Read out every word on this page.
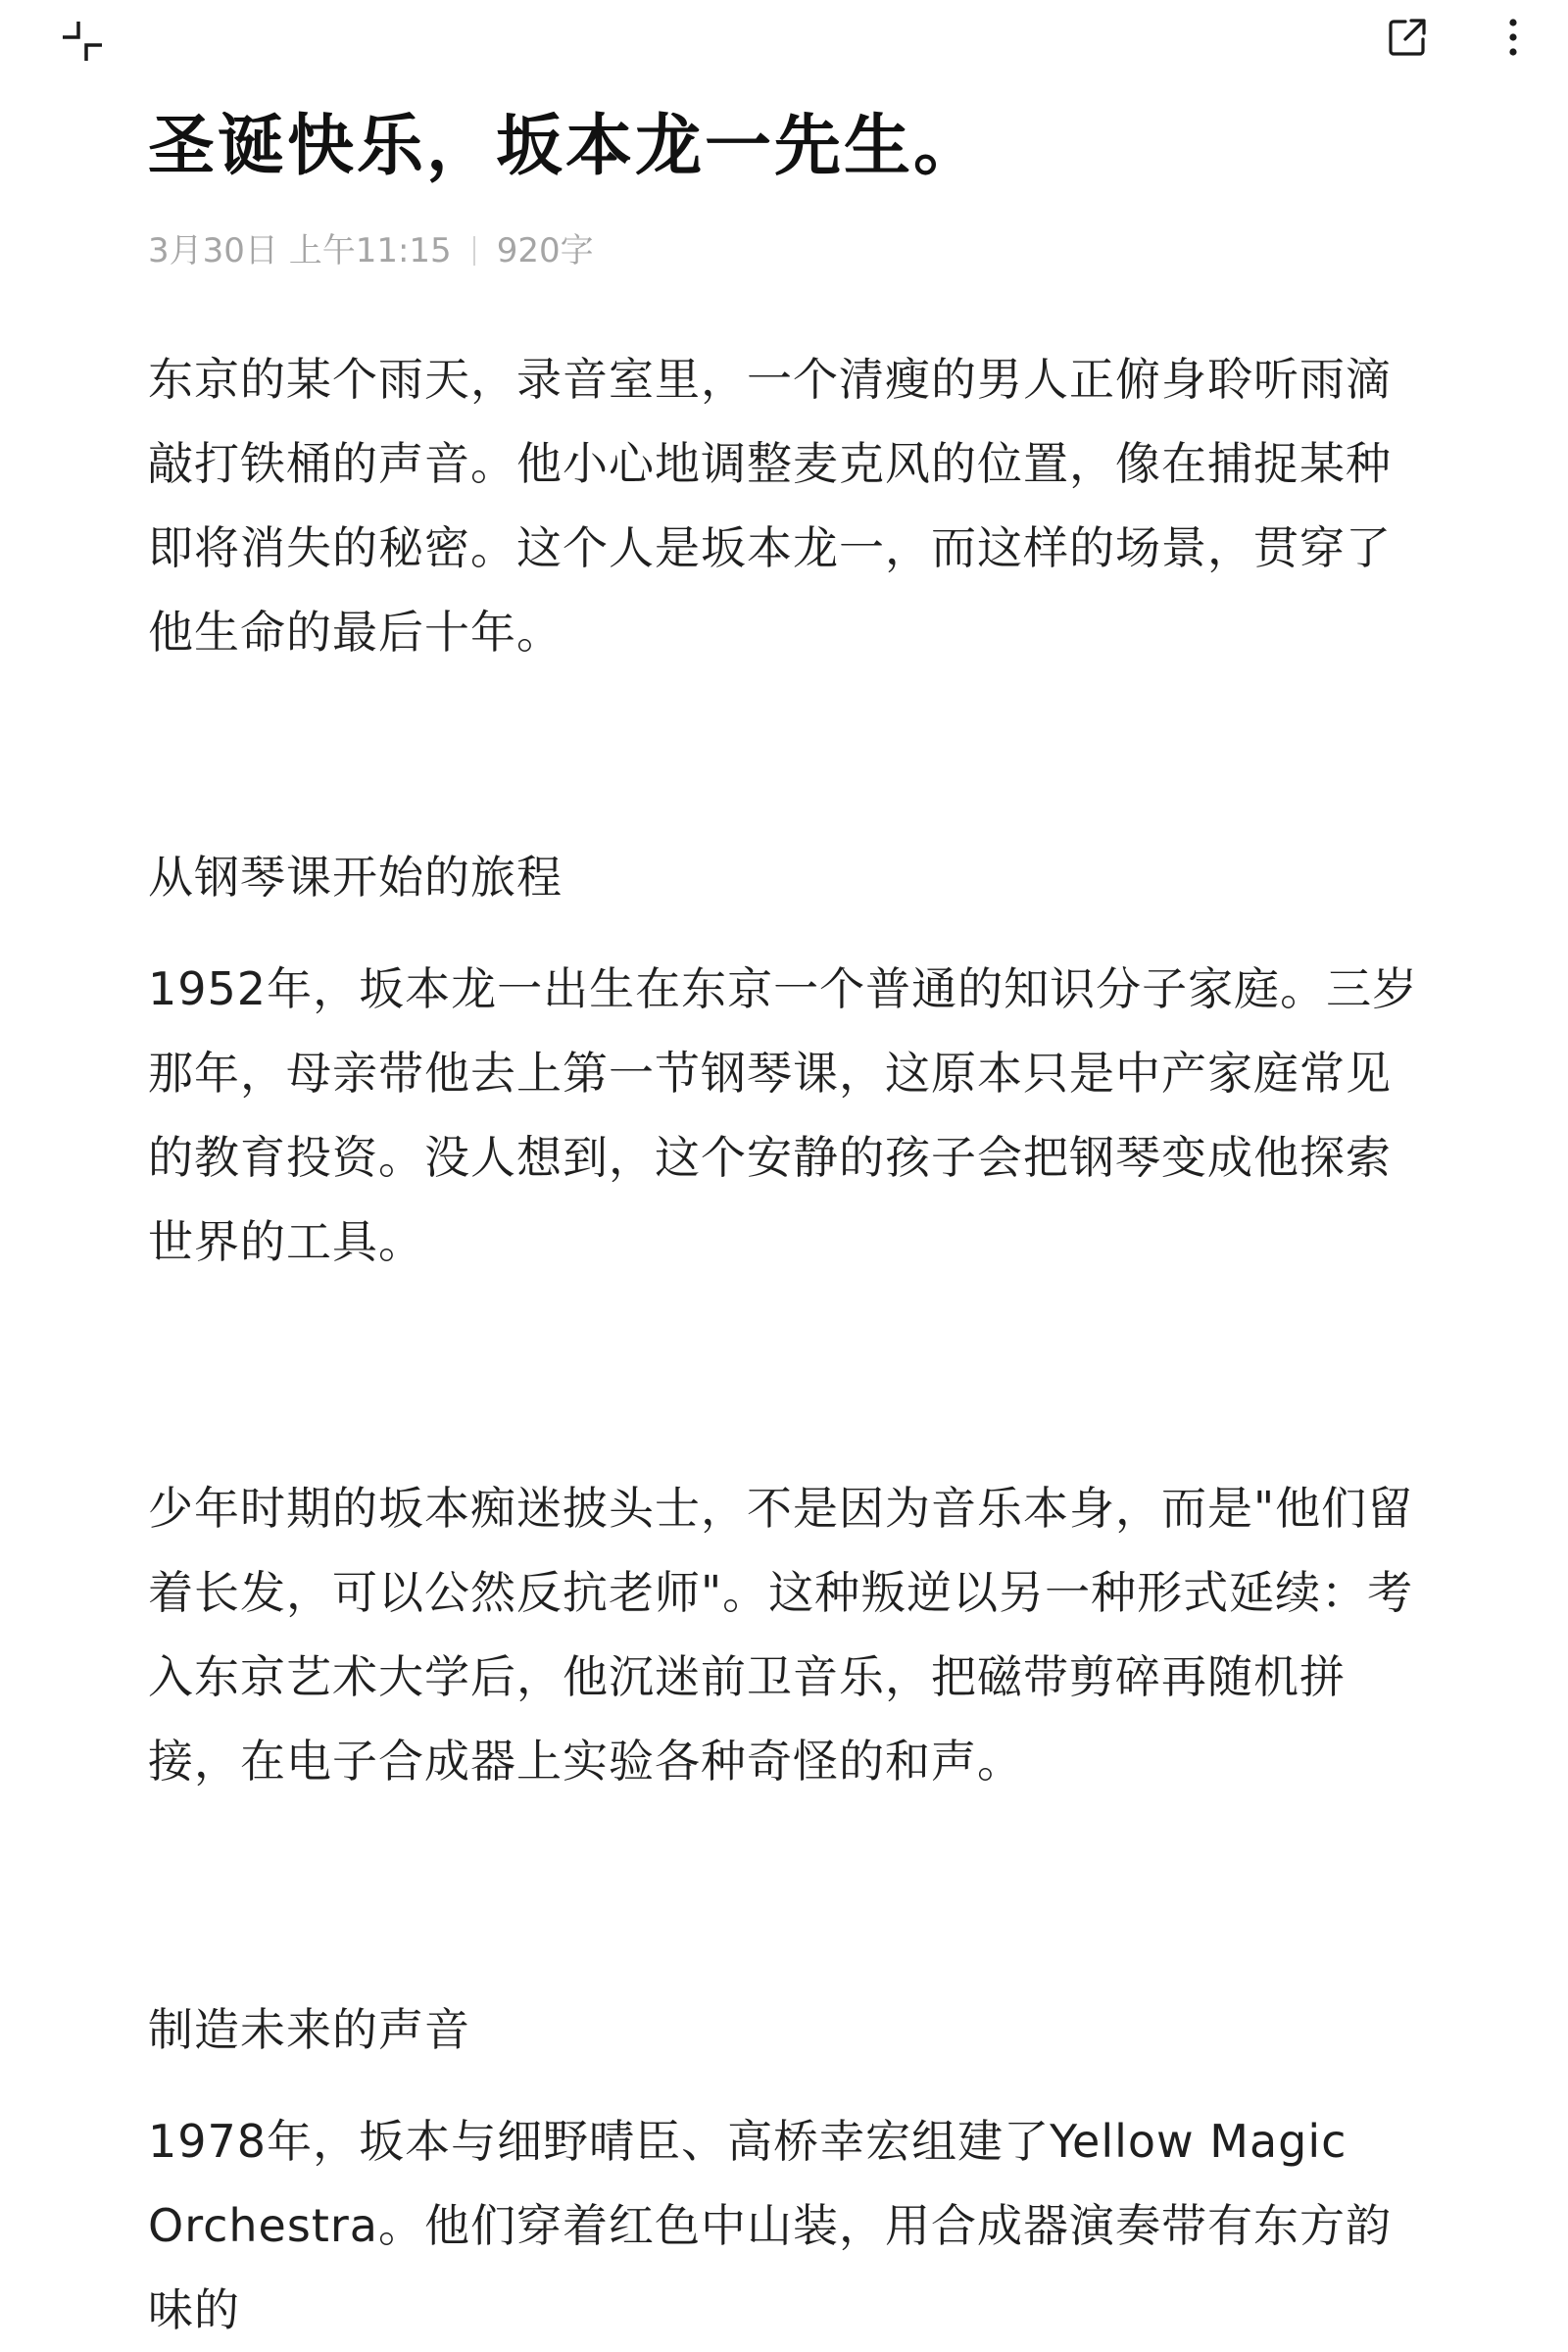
圣诞快乐，坂本龙一先生。
3月30日 上午11:15 920字

东京的某个雨天，录音室里，一个清瘦的男人正俯身聆听雨滴敲打铁桶的声音。他小心地调整麦克风的位置，像在捕捉某种即将消失的秘密。这个人是坂本龙一，而这样的场景，贯穿了他生命的最后十年。

从钢琴课开始的旅程

1952年，坂本龙一出生在东京一个普通的知识分子家庭。三岁那年，母亲带他去上第一节钢琴课，这原本只是中产家庭常见的教育投资。没人想到，这个安静的孩子会把钢琴变成他探索世界的工具。

少年时期的坂本痴迷披头士，不是因为音乐本身，而是"他们留着长发，可以公然反抗老师"。这种叛逆以另一种形式延续：考入东京艺术大学后，他沉迷前卫音乐，把磁带剪碎再随机拼接，在电子合成器上实验各种奇怪的和声。

制造未来的声音

1978年，坂本与细野晴臣、高桥幸宏组建了Yellow Magic Orchestra。他们穿着红色中山装，用合成器演奏带有东方韵味的
